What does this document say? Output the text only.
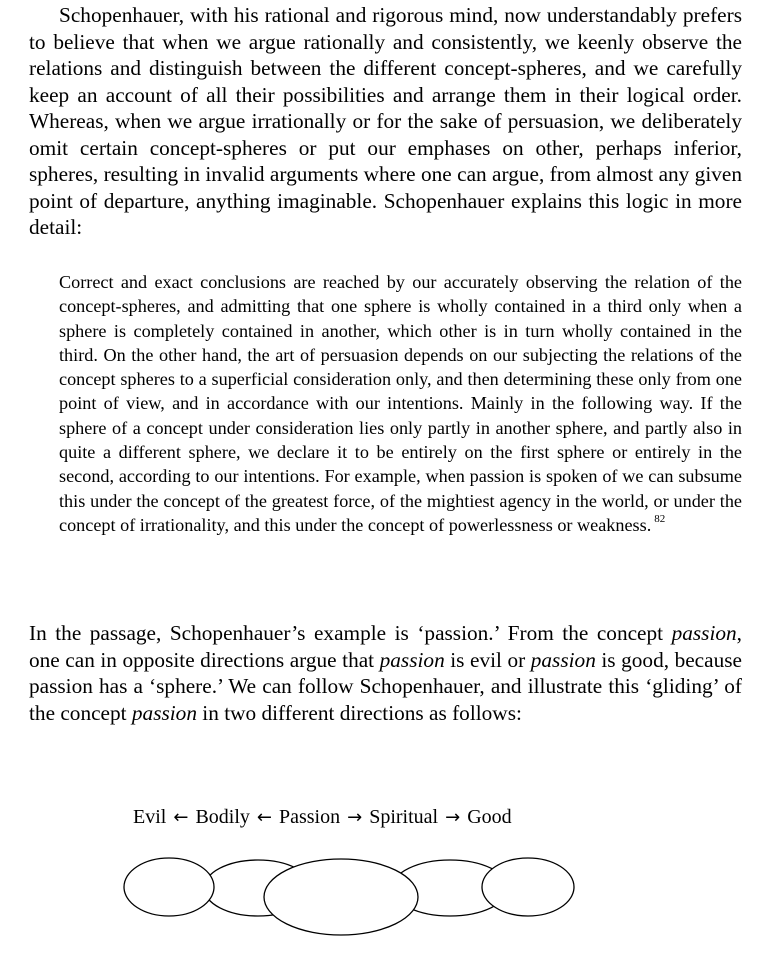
Schopenhauer, with his rational and rigorous mind, now understandably prefers to believe that when we argue rationally and consistently, we keenly observe the relations and distinguish between the different concept-spheres, and we carefully keep an account of all their possibilities and arrange them in their logical order. Whereas, when we argue irrationally or for the sake of persuasion, we deliberately omit certain concept-spheres or put our emphases on other, perhaps inferior, spheres, resulting in invalid arguments where one can argue, from almost any given point of departure, anything imaginable. Schopenhauer explains this logic in more detail:

Correct and exact conclusions are reached by our accurately observing the relation of the concept-spheres, and admitting that one sphere is wholly contained in a third only when a sphere is completely contained in another, which other is in turn wholly contained in the third. On the other hand, the art of persuasion depends on our subjecting the relations of the concept spheres to a superficial consideration only, and then determining these only from one point of view, and in accordance with our intentions. Mainly in the following way. If the sphere of a concept under consideration lies only partly in another sphere, and partly also in quite a different sphere, we declare it to be entirely on the first sphere or entirely in the second, according to our intentions. For example, when passion is spoken of we can subsume this under the concept of the greatest force, of the mightiest agency in the world, or under the concept of irrationality, and this under the concept of powerlessness or weakness. $^{82}$

In the passage, Schopenhauer’s example is ‘passion.’ From the concept passion, one can in opposite directions argue that passion is evil or passion is good, because passion has a ‘sphere.’ We can follow Schopenhauer, and illustrate this ‘gliding’ of the concept passion in two different directions as follows:

Evil ← Bodily ← Passion → Spiritual → Good
